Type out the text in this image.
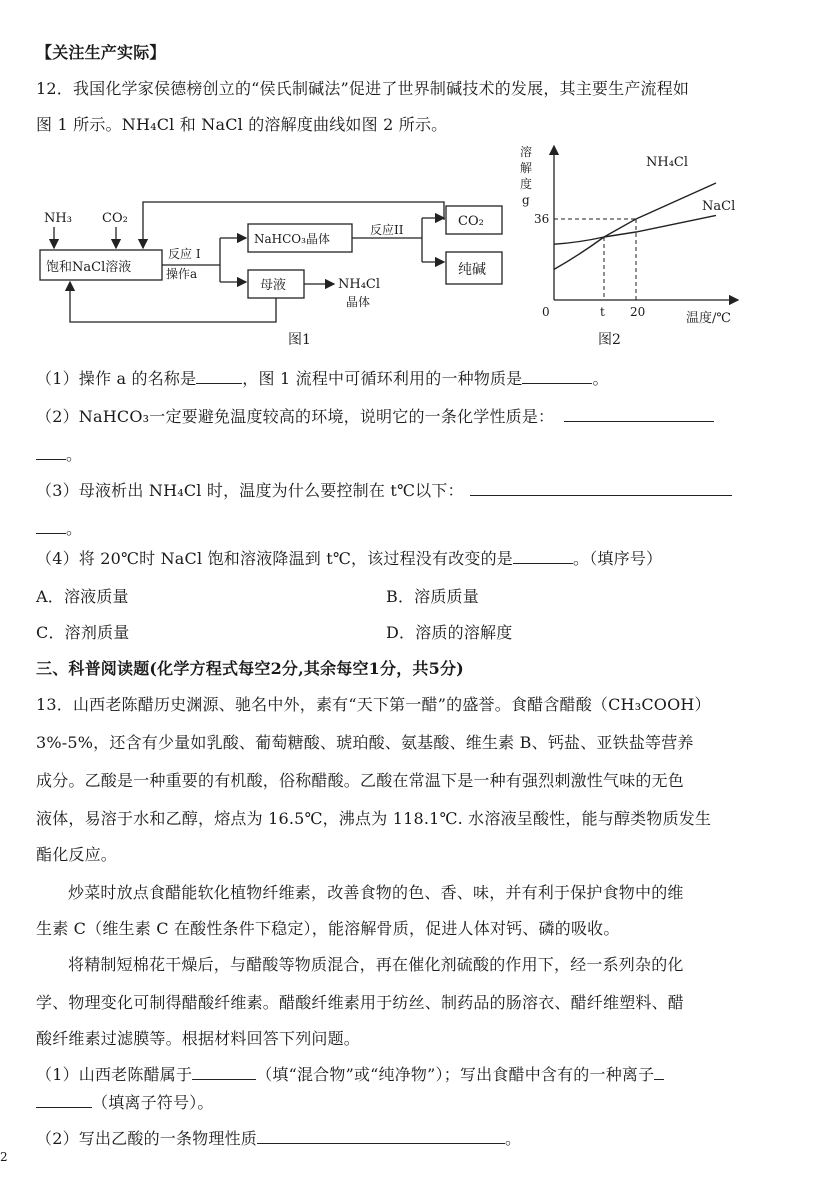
【关注生产实际】
12．我国化学家侯德榜创立的“侯氏制碱法”促进了世界制碱技术的发展，其主要生产流程如
图 1 所示。NH₄Cl 和 NaCl 的溶解度曲线如图 2 所示。
NH₃ CO₂
饱和NaCl溶液
反应 I
操作a
NaHCO₃晶体
反应II
CO₂
纯碱
母液	NH₄Cl
晶体
图1
溶
解
度
g
0
36
t 20
NH₄Cl
NaCl
温度/℃
图2
（1）操作 a 的名称是	，图 1 流程中可循环利用的一种物质是	。
（2）NaHCO₃一定要避免温度较高的环境，说明它的一条化学性质是：
。
（3）母液析出 NH₄Cl 时，温度为什么要控制在 t℃以下：
。
（4）将 20℃时 NaCl 饱和溶液降温到 t℃，该过程没有改变的是	。（填序号）
A．溶液质量	B．溶质质量
C．溶剂质量	D．溶质的溶解度
三、科普阅读题(化学方程式每空2分,其余每空1分，共5分)
13．山西老陈醋历史渊源、驰名中外，素有“天下第一醋”的盛誉。食醋含醋酸（CH₃COOH）
3%-5%，还含有少量如乳酸、葡萄糖酸、琥珀酸、氨基酸、维生素 B、钙盐、亚铁盐等营养
成分。乙酸是一种重要的有机酸，俗称醋酸。乙酸在常温下是一种有强烈刺激性气味的无色
液体，易溶于水和乙醇，熔点为 16.5℃，沸点为 118.1℃. 水溶液呈酸性，能与醇类物质发生
酯化反应。
炒菜时放点食醋能软化植物纤维素，改善食物的色、香、味，并有利于保护食物中的维
生素 C（维生素 C 在酸性条件下稳定），能溶解骨质，促进人体对钙、磷的吸收。
将精制短棉花干燥后，与醋酸等物质混合，再在催化剂硫酸的作用下，经一系列杂的化
学、物理变化可制得醋酸纤维素。醋酸纤维素用于纺丝、制药品的肠溶衣、醋纤维塑料、醋
酸纤维素过滤膜等。根据材料回答下列问题。
（1）山西老陈醋属于	（填“混合物”或“纯净物”）；写出食醋中含有的一种离子
（填离子符号）。
（2）写出乙酸的一条物理性质	。
2
